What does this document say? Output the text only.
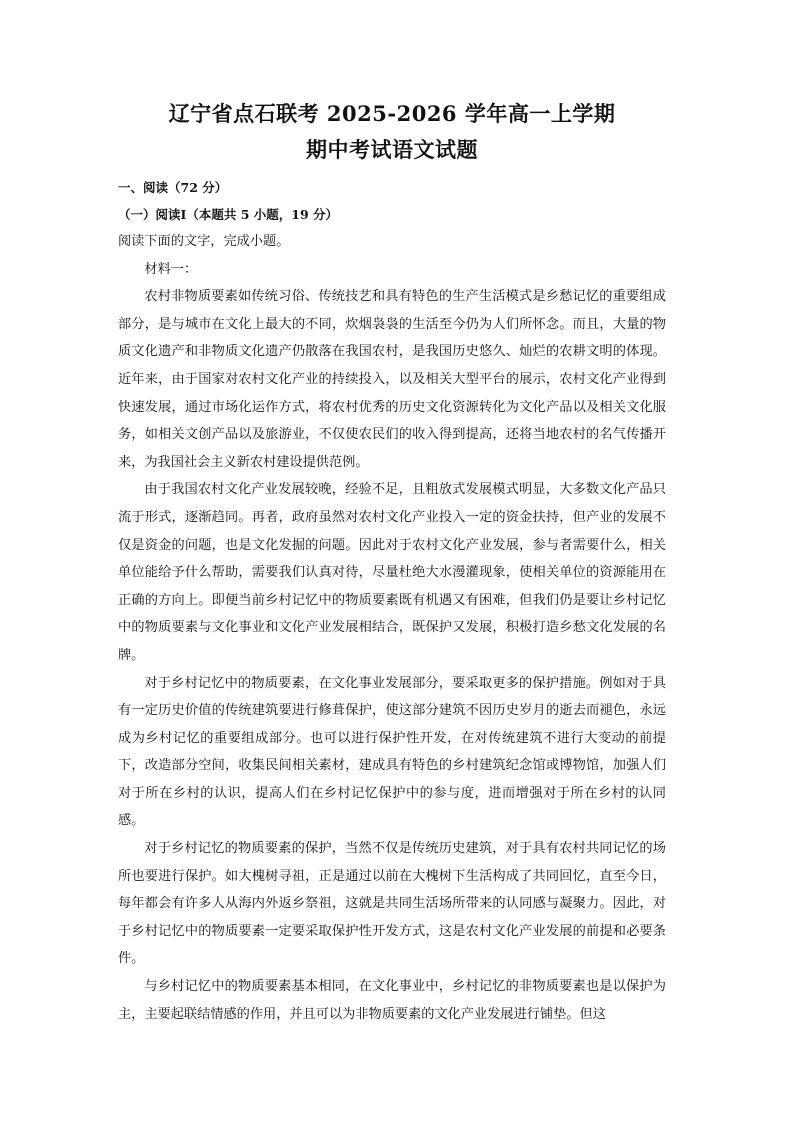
辽宁省点石联考 2025-2026 学年高一上学期
期中考试语文试题

一、阅读（72 分）

（一）阅读Ⅰ（本题共 5 小题，19 分）

阅读下面的文字，完成小题。

材料一：

农村非物质要素如传统习俗、传统技艺和具有特色的生产生活模式是乡愁记忆的重要组成部分，是与城市在文化上最大的不同，炊烟袅袅的生活至今仍为人们所怀念。而且，大量的物质文化遗产和非物质文化遗产仍散落在我国农村，是我国历史悠久、灿烂的农耕文明的体现。近年来，由于国家对农村文化产业的持续投入，以及相关大型平台的展示，农村文化产业得到快速发展，通过市场化运作方式，将农村优秀的历史文化资源转化为文化产品以及相关文化服务，如相关文创产品以及旅游业，不仅使农民们的收入得到提高，还将当地农村的名气传播开来，为我国社会主义新农村建设提供范例。

由于我国农村文化产业发展较晚，经验不足，且粗放式发展模式明显，大多数文化产品只流于形式，逐渐趋同。再者，政府虽然对农村文化产业投入一定的资金扶持，但产业的发展不仅是资金的问题，也是文化发掘的问题。因此对于农村文化产业发展，参与者需要什么，相关单位能给予什么帮助，需要我们认真对待，尽量杜绝大水漫灌现象，使相关单位的资源能用在正确的方向上。即便当前乡村记忆中的物质要素既有机遇又有困难，但我们仍是要让乡村记忆中的物质要素与文化事业和文化产业发展相结合，既保护又发展，积极打造乡愁文化发展的名牌。

对于乡村记忆中的物质要素，在文化事业发展部分，要采取更多的保护措施。例如对于具有一定历史价值的传统建筑要进行修葺保护，使这部分建筑不因历史岁月的逝去而褪色，永远成为乡村记忆的重要组成部分。也可以进行保护性开发，在对传统建筑不进行大变动的前提下，改造部分空间，收集民间相关素材，建成具有特色的乡村建筑纪念馆或博物馆，加强人们对于所在乡村的认识，提高人们在乡村记忆保护中的参与度，进而增强对于所在乡村的认同感。

对于乡村记忆的物质要素的保护，当然不仅是传统历史建筑，对于具有农村共同记忆的场所也要进行保护。如大槐树寻祖，正是通过以前在大槐树下生活构成了共同回忆，直至今日，每年都会有许多人从海内外返乡祭祖，这就是共同生活场所带来的认同感与凝聚力。因此，对于乡村记忆中的物质要素一定要采取保护性开发方式，这是农村文化产业发展的前提和必要条件。

与乡村记忆中的物质要素基本相同，在文化事业中，乡村记忆的非物质要素也是以保护为主，主要起联结情感的作用，并且可以为非物质要素的文化产业发展进行铺垫。但这
